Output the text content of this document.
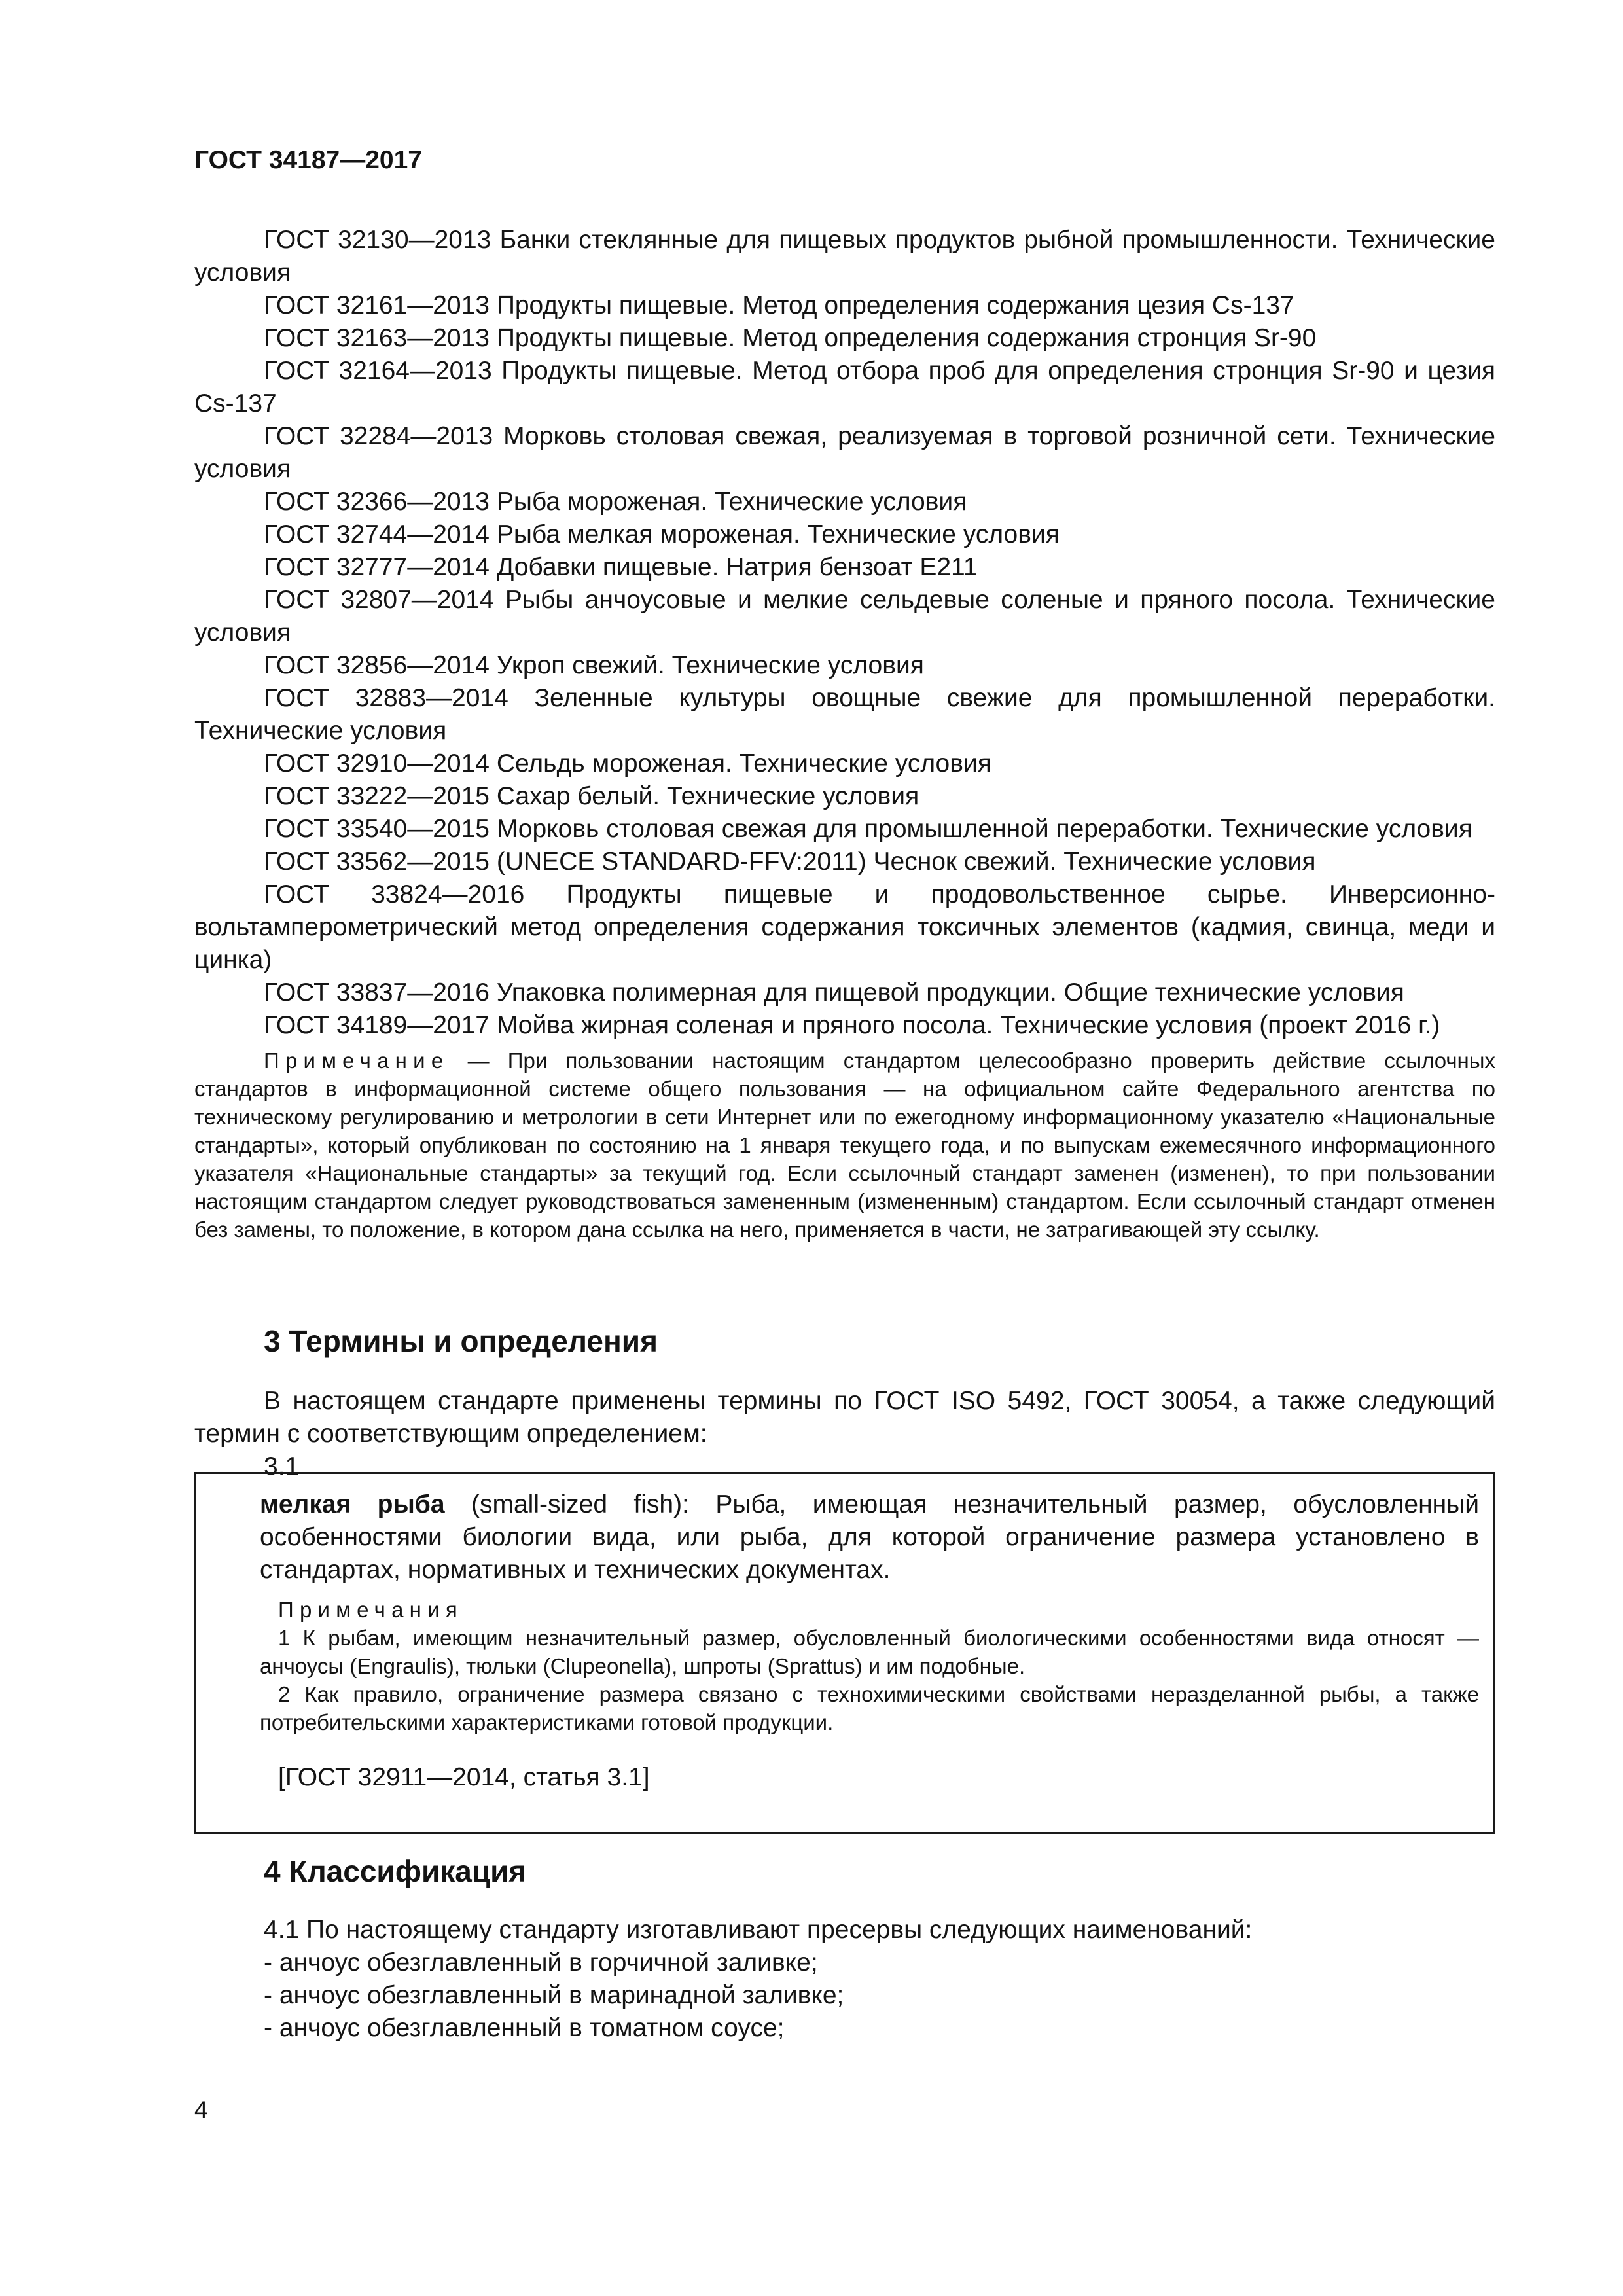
ГОСТ 34187—2017

ГОСТ 32130—2013 Банки стеклянные для пищевых продуктов рыбной промышленности. Технические условия

ГОСТ 32161—2013 Продукты пищевые. Метод определения содержания цезия Cs-137

ГОСТ 32163—2013 Продукты пищевые. Метод определения содержания стронция Sr-90

ГОСТ 32164—2013 Продукты пищевые. Метод отбора проб для определения стронция Sr-90 и цезия Cs-137

ГОСТ 32284—2013 Морковь столовая свежая, реализуемая в торговой розничной сети. Технические условия

ГОСТ 32366—2013 Рыба мороженая. Технические условия

ГОСТ 32744—2014 Рыба мелкая мороженая. Технические условия

ГОСТ 32777—2014 Добавки пищевые. Натрия бензоат Е211

ГОСТ 32807—2014 Рыбы анчоусовые и мелкие сельдевые соленые и пряного посола. Технические условия

ГОСТ 32856—2014 Укроп свежий. Технические условия

ГОСТ 32883—2014 Зеленные культуры овощные свежие для промышленной переработки. Технические условия

ГОСТ 32910—2014 Сельдь мороженая. Технические условия

ГОСТ 33222—2015 Сахар белый. Технические условия

ГОСТ 33540—2015 Морковь столовая свежая для промышленной переработки. Технические условия

ГОСТ 33562—2015 (UNECE STANDARD-FFV:2011) Чеснок свежий. Технические условия

ГОСТ 33824—2016 Продукты пищевые и продовольственное сырье. Инверсионно-вольтамперометрический метод определения содержания токсичных элементов (кадмия, свинца, меди и цинка)

ГОСТ 33837—2016 Упаковка полимерная для пищевой продукции. Общие технические условия

ГОСТ 34189—2017 Мойва жирная соленая и пряного посола. Технические условия (проект 2016 г.)

Примечание — При пользовании настоящим стандартом целесообразно проверить действие ссылочных стандартов в информационной системе общего пользования — на официальном сайте Федерального агентства по техническому регулированию и метрологии в сети Интернет или по ежегодному информационному указателю «Национальные стандарты», который опубликован по состоянию на 1 января текущего года, и по выпускам ежемесячного информационного указателя «Национальные стандарты» за текущий год. Если ссылочный стандарт заменен (изменен), то при пользовании настоящим стандартом следует руководствоваться замененным (измененным) стандартом. Если ссылочный стандарт отменен без замены, то положение, в котором дана ссылка на него, применяется в части, не затрагивающей эту ссылку.

3 Термины и определения

В настоящем стандарте применены термины по ГОСТ ISO 5492, ГОСТ 30054, а также следующий термин с соответствующим определением:

3.1

мелкая рыба (small-sized fish): Рыба, имеющая незначительный размер, обусловленный особенностями биологии вида, или рыба, для которой ограничение размера установлено в стандартах, нормативных и технических документах.

Примечания

1 К рыбам, имеющим незначительный размер, обусловленный биологическими особенностями вида относят — анчоусы (Engraulis), тюльки (Clupeonella), шпроты (Sprattus) и им подобные.

2 Как правило, ограничение размера связано с технохимическими свойствами неразделанной рыбы, а также потребительскими характеристиками готовой продукции.

[ГОСТ 32911—2014, статья 3.1]

4 Классификация

4.1 По настоящему стандарту изготавливают пресервы следующих наименований:

- анчоус обезглавленный в горчичной заливке;

- анчоус обезглавленный в маринадной заливке;

- анчоус обезглавленный в томатном соусе;

4
